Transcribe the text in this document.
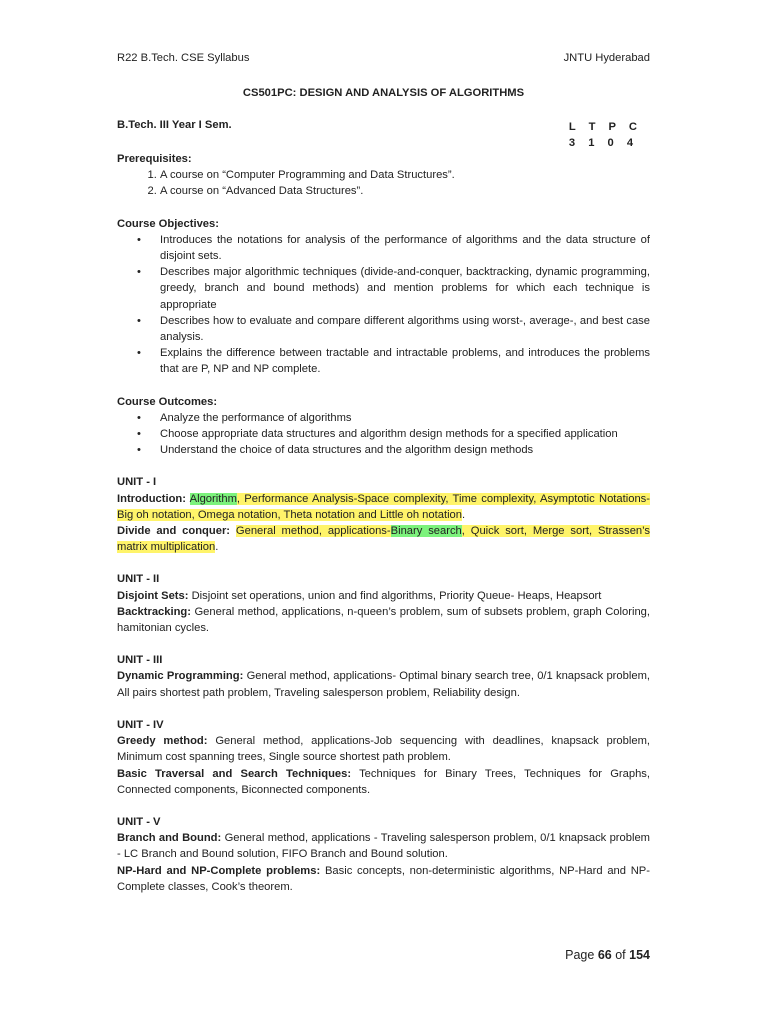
R22 B.Tech. CSE Syllabus	JNTU Hyderabad
CS501PC: DESIGN AND ANALYSIS OF ALGORITHMS
B.Tech. III Year I Sem.	L T P C
3 1 0 4
Prerequisites:
1. A course on “Computer Programming and Data Structures”.
2. A course on “Advanced Data Structures”.
Course Objectives:
• Introduces the notations for analysis of the performance of algorithms and the data structure of disjoint sets.
• Describes major algorithmic techniques (divide-and-conquer, backtracking, dynamic programming, greedy, branch and bound methods) and mention problems for which each technique is appropriate
• Describes how to evaluate and compare different algorithms using worst-, average-, and best case analysis.
• Explains the difference between tractable and intractable problems, and introduces the problems that are P, NP and NP complete.
Course Outcomes:
• Analyze the performance of algorithms
• Choose appropriate data structures and algorithm design methods for a specified application
• Understand the choice of data structures and the algorithm design methods
UNIT - I

Introduction: Algorithm, Performance Analysis-Space complexity, Time complexity, Asymptotic Notations- Big oh notation, Omega notation, Theta notation and Little oh notation.

Divide and conquer: General method, applications-Binary search, Quick sort, Merge sort, Strassen’s matrix multiplication.

UNIT - II

Disjoint Sets: Disjoint set operations, union and find algorithms, Priority Queue- Heaps, Heapsort

Backtracking: General method, applications, n-queen’s problem, sum of subsets problem, graph Coloring, hamitonian cycles.

UNIT - III

Dynamic Programming: General method, applications- Optimal binary search tree, 0/1 knapsack problem, All pairs shortest path problem, Traveling salesperson problem, Reliability design.

UNIT - IV

Greedy method: General method, applications-Job sequencing with deadlines, knapsack problem, Minimum cost spanning trees, Single source shortest path problem.

Basic Traversal and Search Techniques: Techniques for Binary Trees, Techniques for Graphs, Connected components, Biconnected components.

UNIT - V

Branch and Bound: General method, applications - Traveling salesperson problem, 0/1 knapsack problem - LC Branch and Bound solution, FIFO Branch and Bound solution.

NP-Hard and NP-Complete problems: Basic concepts, non-deterministic algorithms, NP-Hard and NP-Complete classes, Cook’s theorem.

Page 66 of 154
